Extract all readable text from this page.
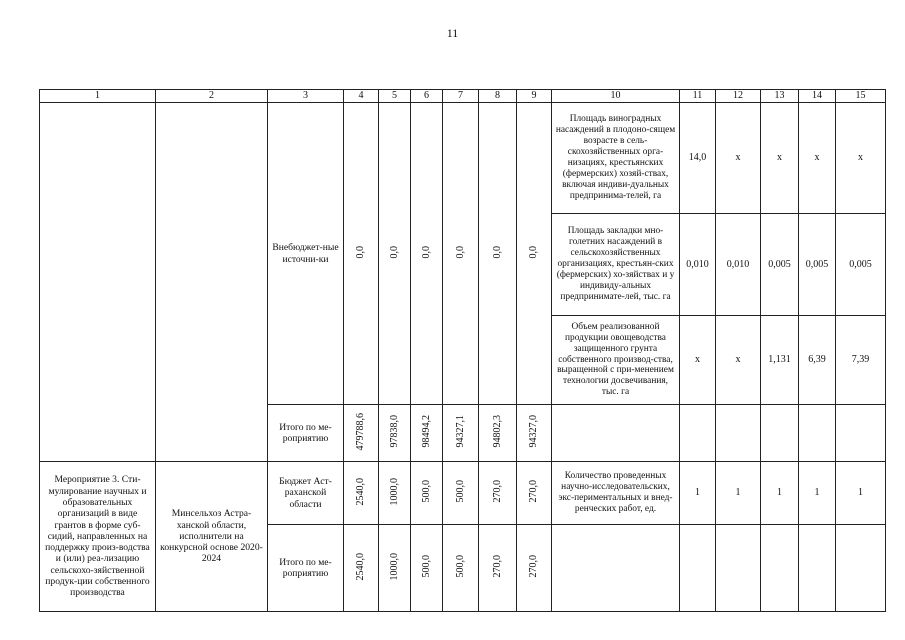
11
1	2	3	4	5	6	7	8	9	10	11	12	13	14	15
		Внебюджет-ные источни-ки	0,0	0,0	0,0	0,0	0,0	0,0	Площадь виноградных насаждений в плодоно-сящем возрасте в сель-скохозяйственных орга-низациях, крестьянских (фермерских) хозяй-ствах, включая индиви-дуальных предпринима-телей, га	14,0	х	х	х	х
									Площадь закладки мно-голетних насаждений в сельскохозяйственных организациях, крестьян-ских (фермерских) хо-зяйствах и у индивиду-альных предпринимате-лей, тыс. га	0,010	0,010	0,005	0,005	0,005
									Объем реализованной продукции овощеводства защищенного грунта собственного производ-ства, выращенной с при-менением технологии досвечивания, тыс. га	х	х	1,131	6,39	7,39
		Итого по ме-роприятию	479788,6	97838,0	98494,2	94327,1	94802,3	94327,0						
Мероприятие 3. Сти-мулирование научных и образовательных организаций в виде грантов в форме суб-сидий, направленных на поддержку произ-водства и (или) реа-лизацию сельскохо-зяйственной продук-ции собственного производства	Минсельхоз Астра-ханской области, исполнители на конкурсной основе 2020-2024	Бюджет Аст-раханской области	2540,0	1000,0	500,0	500,0	270,0	270,0	Количество проведенных научно-исследовательских, экс-периментальных и внед-ренческих работ, ед.	1	1	1	1	1
		Итого по ме-роприятию	2540,0	1000,0	500,0	500,0	270,0	270,0						
